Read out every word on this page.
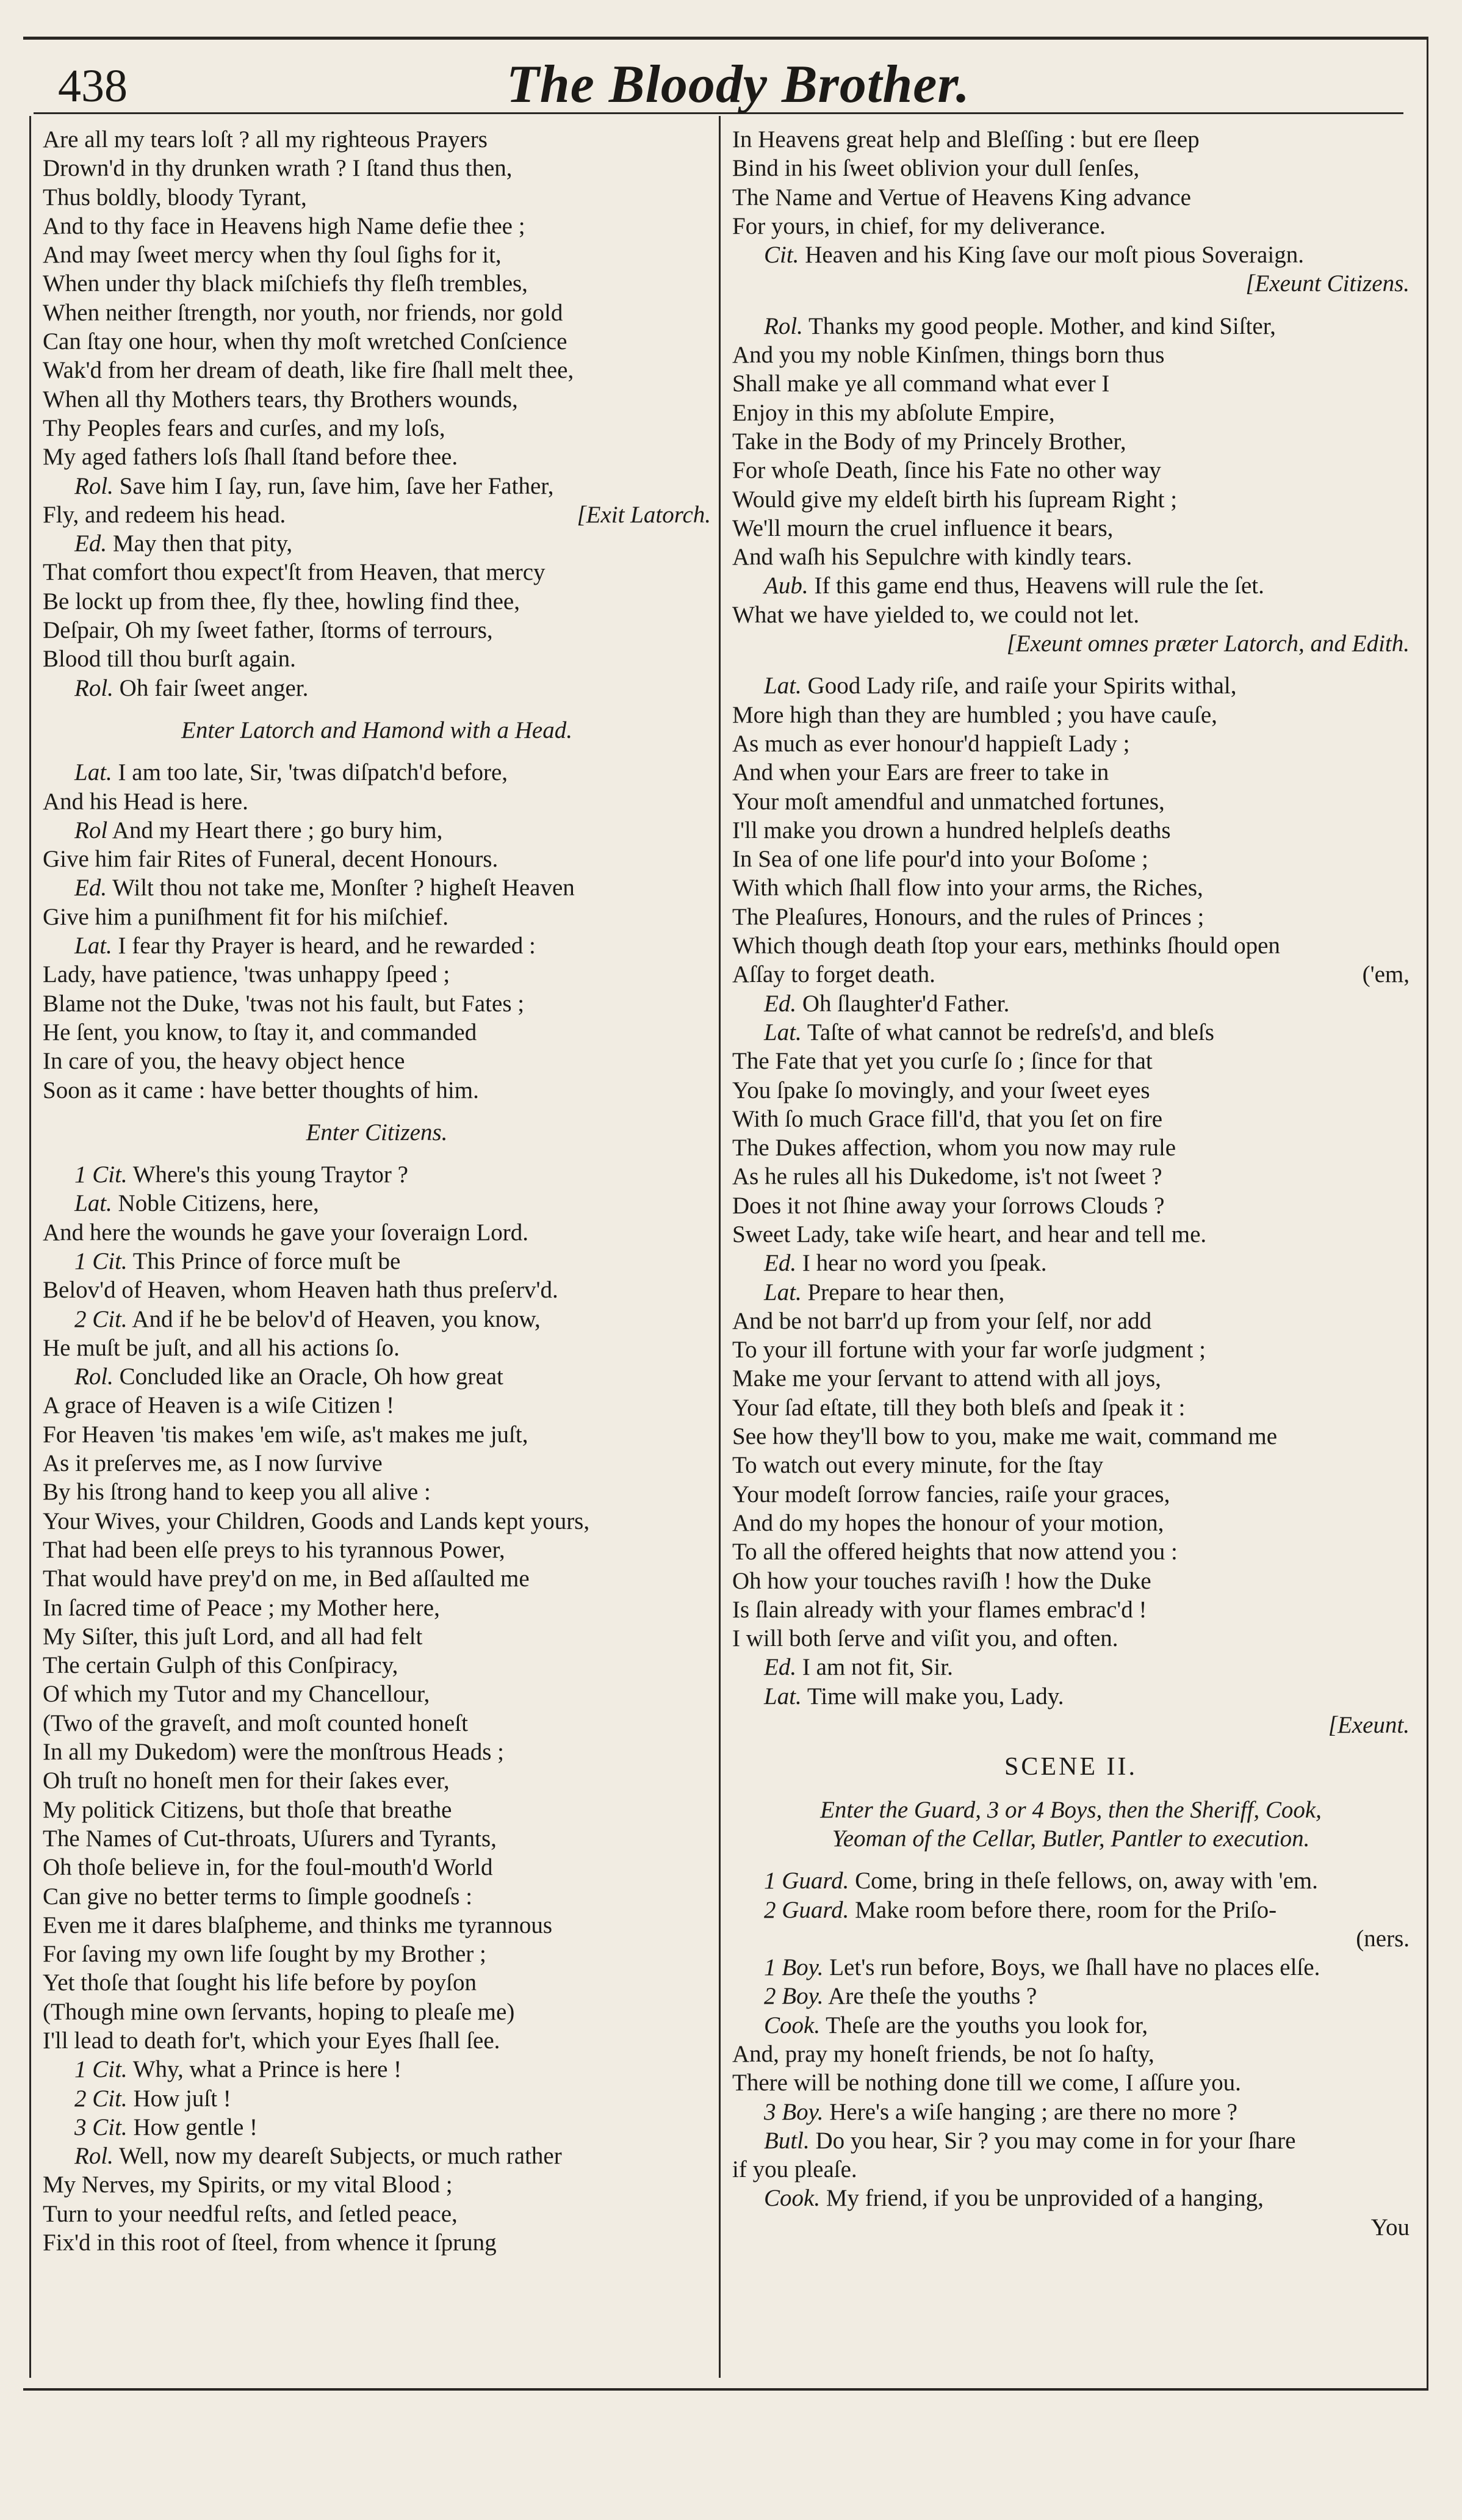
438	The Bloody Brother.
Are all my tears loſt ? all my righteous Prayers
Drown'd in thy drunken wrath ? I ſtand thus then,
Thus boldly, bloody Tyrant,
And to thy face in Heavens high Name defie thee ;
And may ſweet mercy when thy ſoul ſighs for it,
When under thy black miſchiefs thy fleſh trembles,
When neither ſtrength, nor youth, nor friends, nor gold
Can ſtay one hour, when thy moſt wretched Conſcience
Wak'd from her dream of death, like fire ſhall melt thee,
When all thy Mothers tears, thy Brothers wounds,
Thy Peoples fears and curſes, and my loſs,
My aged fathers loſs ſhall ſtand before thee.
Rol. Save him I ſay, run, ſave him, ſave her Father,
Fly, and redeem his head.	[Exit Latorch.
Ed. May then that pity,
That comfort thou expect'ſt from Heaven, that mercy
Be lockt up from thee, fly thee, howling find thee,
Deſpair, Oh my ſweet father, ſtorms of terrours,
Blood till thou burſt again.
Rol. Oh fair ſweet anger.
Enter Latorch and Hamond with a Head.
Lat. I am too late, Sir, 'twas diſpatch'd before,
And his Head is here.
Rol And my Heart there ; go bury him,
Give him fair Rites of Funeral, decent Honours.
Ed. Wilt thou not take me, Monſter ? higheſt Heaven
Give him a puniſhment fit for his miſchief.
Lat. I fear thy Prayer is heard, and he rewarded :
Lady, have patience, 'twas unhappy ſpeed ;
Blame not the Duke, 'twas not his fault, but Fates ;
He ſent, you know, to ſtay it, and commanded
In care of you, the heavy object hence
Soon as it came : have better thoughts of him.
Enter Citizens.
1 Cit. Where's this young Traytor ?
Lat. Noble Citizens, here,
And here the wounds he gave your ſoveraign Lord.
1 Cit. This Prince of force muſt be
Belov'd of Heaven, whom Heaven hath thus preſerv'd.
2 Cit. And if he be belov'd of Heaven, you know,
He muſt be juſt, and all his actions ſo.
Rol. Concluded like an Oracle, Oh how great
A grace of Heaven is a wiſe Citizen !
For Heaven 'tis makes 'em wiſe, as't makes me juſt,
As it preſerves me, as I now ſurvive
By his ſtrong hand to keep you all alive :
Your Wives, your Children, Goods and Lands kept yours,
That had been elſe preys to his tyrannous Power,
That would have prey'd on me, in Bed aſſaulted me
In ſacred time of Peace ; my Mother here,
My Siſter, this juſt Lord, and all had felt
The certain Gulph of this Conſpiracy,
Of which my Tutor and my Chancellour,
(Two of the graveſt, and moſt counted honeſt
In all my Dukedom) were the monſtrous Heads ;
Oh truſt no honeſt men for their ſakes ever,
My politick Citizens, but thoſe that breathe
The Names of Cut-throats, Uſurers and Tyrants,
Oh thoſe believe in, for the foul-mouth'd World
Can give no better terms to ſimple goodneſs :
Even me it dares blaſpheme, and thinks me tyrannous
For ſaving my own life ſought by my Brother ;
Yet thoſe that ſought his life before by poyſon
(Though mine own ſervants, hoping to pleaſe me)
I'll lead to death for't, which your Eyes ſhall ſee.
1 Cit. Why, what a Prince is here !
2 Cit. How juſt !
3 Cit. How gentle !
Rol. Well, now my deareſt Subjects, or much rather
My Nerves, my Spirits, or my vital Blood ;
Turn to your needful reſts, and ſetled peace,
Fix'd in this root of ſteel, from whence it ſprung
In Heavens great help and Bleſſing : but ere ſleep
Bind in his ſweet oblivion your dull ſenſes,
The Name and Vertue of Heavens King advance
For yours, in chief, for my deliverance.
Cit. Heaven and his King ſave our moſt pious Soveraign.
[Exeunt Citizens.
Rol. Thanks my good people. Mother, and kind Siſter,
And you my noble Kinſmen, things born thus
Shall make ye all command what ever I
Enjoy in this my abſolute Empire,
Take in the Body of my Princely Brother,
For whoſe Death, ſince his Fate no other way
Would give my eldeſt birth his ſupream Right ;
We'll mourn the cruel influence it bears,
And waſh his Sepulchre with kindly tears.
Aub. If this game end thus, Heavens will rule the ſet.
What we have yielded to, we could not let.
[Exeunt omnes præter Latorch, and Edith.
Lat. Good Lady riſe, and raiſe your Spirits withal,
More high than they are humbled ; you have cauſe,
As much as ever honour'd happieſt Lady ;
And when your Ears are freer to take in
Your moſt amendful and unmatched fortunes,
I'll make you drown a hundred helpleſs deaths
In Sea of one life pour'd into your Boſome ;
With which ſhall flow into your arms, the Riches,
The Pleaſures, Honours, and the rules of Princes ;
Which though death ſtop your ears, methinks ſhould open
Aſſay to forget death.	('em,
Ed. Oh ſlaughter'd Father.
Lat. Taſte of what cannot be redreſs'd, and bleſs
The Fate that yet you curſe ſo ; ſince for that
You ſpake ſo movingly, and your ſweet eyes
With ſo much Grace fill'd, that you ſet on fire
The Dukes affection, whom you now may rule
As he rules all his Dukedome, is't not ſweet ?
Does it not ſhine away your ſorrows Clouds ?
Sweet Lady, take wiſe heart, and hear and tell me.
Ed. I hear no word you ſpeak.
Lat. Prepare to hear then,
And be not barr'd up from your ſelf, nor add
To your ill fortune with your far worſe judgment ;
Make me your ſervant to attend with all joys,
Your ſad eſtate, till they both bleſs and ſpeak it :
See how they'll bow to you, make me wait, command me
To watch out every minute, for the ſtay
Your modeſt ſorrow fancies, raiſe your graces,
And do my hopes the honour of your motion,
To all the offered heights that now attend you :
Oh how your touches raviſh ! how the Duke
Is ſlain already with your flames embrac'd !
I will both ſerve and viſit you, and often.
Ed. I am not fit, Sir.
Lat. Time will make you, Lady.
[Exeunt.
SCENE II.
Enter the Guard, 3 or 4 Boys, then the Sheriff, Cook,
Yeoman of the Cellar, Butler, Pantler to execution.
1 Guard. Come, bring in theſe fellows, on, away with 'em.
2 Guard. Make room before there, room for the Priſo-
(ners.
1 Boy. Let's run before, Boys, we ſhall have no places elſe.
2 Boy. Are theſe the youths ?
Cook. Theſe are the youths you look for,
And, pray my honeſt friends, be not ſo haſty,
There will be nothing done till we come, I aſſure you.
3 Boy. Here's a wiſe hanging ; are there no more ?
Butl. Do you hear, Sir ? you may come in for your ſhare
if you pleaſe.
Cook. My friend, if you be unprovided of a hanging,
You
